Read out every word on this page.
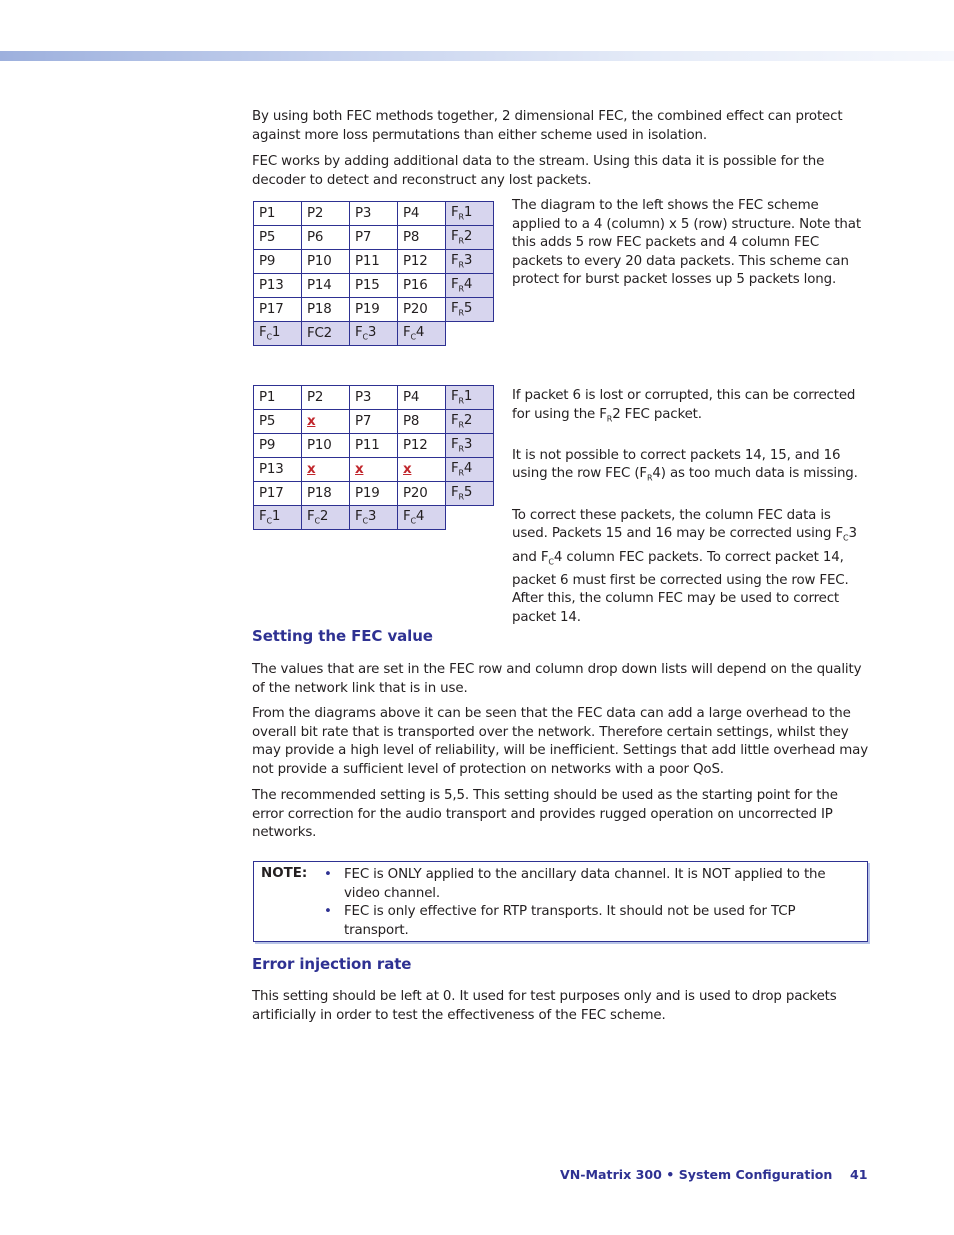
By using both FEC methods together, 2 dimensional FEC, the combined effect can protect against more loss permutations than either scheme used in isolation.

FEC works by adding additional data to the stream. Using this data it is possible for the decoder to detect and reconstruct any lost packets.

P1	P2	P3	P4	$F_R1$
P5	P6	P7	P8	$F_R2$
P9	P10	P11	P12	$F_R3$
P13	P14	P15	P16	$F_R4$
P17	P18	P19	P20	$F_R5$
$F_C1$	FC2	$F_C3$	$F_C4$	

The diagram to the left shows the FEC scheme applied to a 4 (column) x 5 (row) structure. Note that this adds 5 row FEC packets and 4 column FEC packets to every 20 data packets. This scheme can protect for burst packet losses up 5 packets long.

P1	P2	P3	P4	$F_R1$
P5	x	P7	P8	$F_R2$
P9	P10	P11	P12	$F_R3$
P13	x	x	x	$F_R4$
P17	P18	P19	P20	$F_R5$
$F_C1$	$F_C2$	$F_C3$	$F_C4$	

If packet 6 is lost or corrupted, this can be corrected for using the $F_R2$ FEC packet.

It is not possible to correct packets 14, 15, and 16 using the row FEC $(F_R4)$ as too much data is missing.

To correct these packets, the column FEC data is used. Packets 15 and 16 may be corrected using $F_C3$ and $F_C4$ column FEC packets. To correct packet 14, packet 6 must first be corrected using the row FEC. After this, the column FEC may be used to correct packet 14.

Setting the FEC value

The values that are set in the FEC row and column drop down lists will depend on the quality of the network link that is in use.

From the diagrams above it can be seen that the FEC data can add a large overhead to the overall bit rate that is transported over the network. Therefore certain settings, whilst they may provide a high level of reliability, will be inefficient. Settings that add little overhead may not provide a sufficient level of protection on networks with a poor QoS.

The recommended setting is 5,5. This setting should be used as the starting point for the error correction for the audio transport and provides rugged operation on uncorrected IP networks.

NOTE: • FEC is ONLY applied to the ancillary data channel. It is NOT applied to the video channel.
• FEC is only effective for RTP transports. It should not be used for TCP transport.
Error injection rate

This setting should be left at 0. It used for test purposes only and is used to drop packets artificially in order to test the effectiveness of the FEC scheme.

VN-Matrix 300 • System Configuration 41
